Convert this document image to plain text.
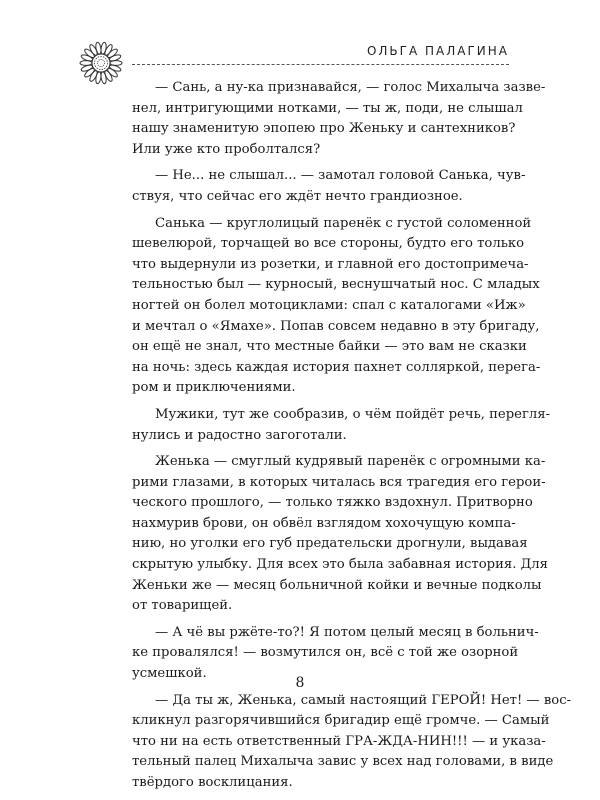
ОЛЬГА ПАЛАГИНА
— Сань, а ну-ка признавайся, — голос Михалыча зазве-
нел, интригующими нотками, — ты ж, поди, не слышал
нашу знаменитую эпопею про Женьку и сантехников?
Или уже кто проболтался?
— Не... не слышал... — замотал головой Санька, чув-
ствуя, что сейчас его ждёт нечто грандиозное.
Санька — круглолицый паренёк с густой соломенной
шевелюрой, торчащей во все стороны, будто его только
что выдернули из розетки, и главной его достопримеча-
тельностью был — курносый, веснушчатый нос. С младых
ногтей он болел мотоциклами: спал с каталогами «Иж»
и мечтал о «Ямахе». Попав совсем недавно в эту бригаду,
он ещё не знал, что местные байки — это вам не сказки
на ночь: здесь каждая история пахнет солляркой, перега-
ром и приключениями.
Мужики, тут же сообразив, о чём пойдёт речь, перегля-
нулись и радостно загоготали.
Женька — смуглый кудрявый паренёк с огромными ка-
рими глазами, в которых читалась вся трагедия его герои-
ческого прошлого, — только тяжко вздохнул. Притворно
нахмурив брови, он обвёл взглядом хохочущую компа-
нию, но уголки его губ предательски дрогнули, выдавая
скрытую улыбку. Для всех это была забавная история. Для
Женьки же — месяц больничной койки и вечные подколы
от товарищей.
— А чё вы ржёте-то?! Я потом целый месяц в больнич-
ке провалялся! — возмутился он, всё с той же озорной
усмешкой.
— Да ты ж, Женька, самый настоящий ГЕРОЙ! Нет! — вос-
кликнул разгорячившийся бригадир ещё громче. — Самый
что ни на есть ответственный ГРА-ЖДА-НИН!!! — и указа-
тельный палец Михалыча завис у всех над головами, в виде
твёрдого восклицания.
8
